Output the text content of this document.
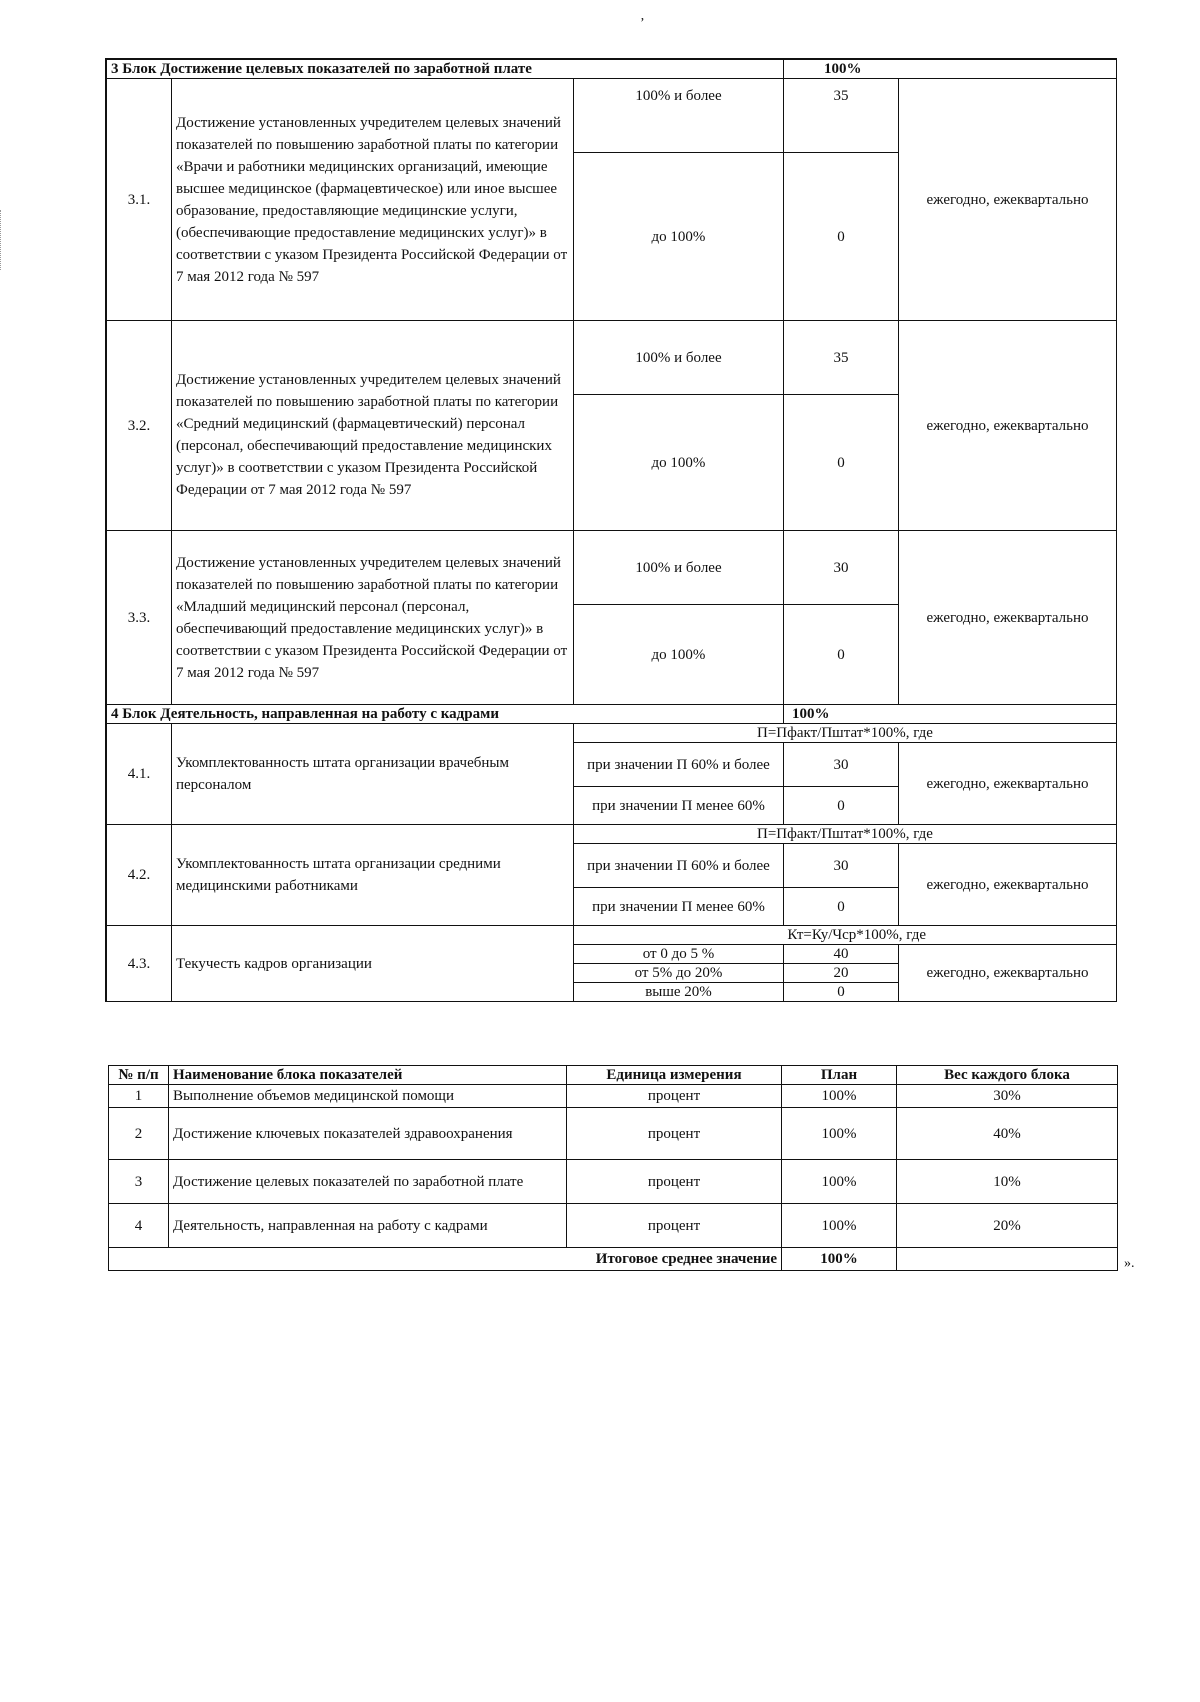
ʼ
3 Блок Достижение целевых показателей по заработной плате			100%	
3.1.	Достижение установленных учредителем целевых значений показателей по повышению заработной платы по категории «Врачи и работники медицинских организаций, имеющие высшее медицинское (фармацевтическое) или иное высшее образование, предоставляющие медицинские услуги, (обеспечивающие предоставление медицинских услуг)» в соответствии с указом Президента Российской Федерации от 7 мая 2012 года № 597	100% и более	35	ежегодно, ежеквартально
		до 100%	0	
3.2.	Достижение установленных учредителем целевых значений показателей по повышению заработной платы по категории «Средний медицинский (фармацевтический) персонал (персонал, обеспечивающий предоставление медицинских услуг)» в соответствии с указом Президента Российской Федерации от 7 мая 2012 года № 597	100% и более	35	ежегодно, ежеквартально
		до 100%	0	
3.3.	Достижение установленных учредителем целевых значений показателей по повышению заработной платы по категории «Младший медицинский персонал (персонал, обеспечивающий предоставление медицинских услуг)» в соответствии с указом Президента Российской Федерации от 7 мая 2012 года № 597	100% и более	30	ежегодно, ежеквартально
		до 100%	0	
4 Блок Деятельность, направленная на работу с кадрами			100%	
4.1.	Укомплектованность штата организации врачебным персоналом	П=Пфакт/Пштат*100%, где		
		при значении П 60% и более	30	ежегодно, ежеквартально
		при значении П менее 60%	0	
4.2.	Укомплектованность штата организации средними медицинскими работниками	П=Пфакт/Пштат*100%, где		
		при значении П 60% и более	30	ежегодно, ежеквартально
		при значении П менее 60%	0	
4.3.	Текучесть кадров организации	Кт=Ку/Чср*100%, где		
		от 0 до 5 %	40	ежегодно, ежеквартально
		от 5% до 20%	20	
		выше 20%	0	
№ п/п	Наименование блока показателей	Единица измерения	План	Вес каждого блока
1	Выполнение объемов медицинской помощи	процент	100%	30%
2	Достижение ключевых показателей здравоохранения	процент	100%	40%
3	Достижение целевых показателей по заработной плате	процент	100%	10%
4	Деятельность, направленная на работу с кадрами	процент	100%	20%
Итоговое среднее значение			100%		».
